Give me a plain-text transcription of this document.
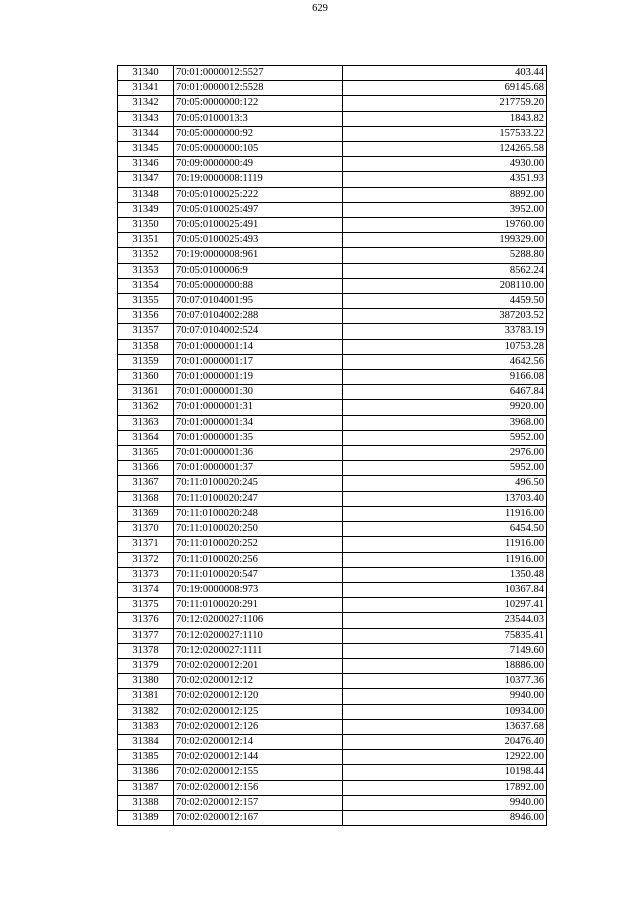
629
31340	70:01:0000012:5527	403.44
31341	70:01:0000012:5528	69145.68
31342	70:05:0000000:122	217759.20
31343	70:05:0100013:3	1843.82
31344	70:05:0000000:92	157533.22
31345	70:05:0000000:105	124265.58
31346	70:09:0000000:49	4930.00
31347	70:19:0000008:1119	4351.93
31348	70:05:0100025:222	8892.00
31349	70:05:0100025:497	3952.00
31350	70:05:0100025:491	19760.00
31351	70:05:0100025:493	199329.00
31352	70:19:0000008:961	5288.80
31353	70:05:0100006:9	8562.24
31354	70:05:0000000:88	208110.00
31355	70:07:0104001:95	4459.50
31356	70:07:0104002:288	387203.52
31357	70:07:0104002:524	33783.19
31358	70:01:0000001:14	10753.28
31359	70:01:0000001:17	4642.56
31360	70:01:0000001:19	9166.08
31361	70:01:0000001:30	6467.84
31362	70:01:0000001:31	9920.00
31363	70:01:0000001:34	3968.00
31364	70:01:0000001:35	5952.00
31365	70:01:0000001:36	2976.00
31366	70:01:0000001:37	5952.00
31367	70:11:0100020:245	496.50
31368	70:11:0100020:247	13703.40
31369	70:11:0100020:248	11916.00
31370	70:11:0100020:250	6454.50
31371	70:11:0100020:252	11916.00
31372	70:11:0100020:256	11916.00
31373	70:11:0100020:547	1350.48
31374	70:19:0000008:973	10367.84
31375	70:11:0100020:291	10297.41
31376	70:12:0200027:1106	23544.03
31377	70:12:0200027:1110	75835.41
31378	70:12:0200027:1111	7149.60
31379	70:02:0200012:201	18886.00
31380	70:02:0200012:12	10377.36
31381	70:02:0200012:120	9940.00
31382	70:02:0200012:125	10934.00
31383	70:02:0200012:126	13637.68
31384	70:02:0200012:14	20476.40
31385	70:02:0200012:144	12922.00
31386	70:02:0200012:155	10198.44
31387	70:02:0200012:156	17892.00
31388	70:02:0200012:157	9940.00
31389	70:02:0200012:167	8946.00
